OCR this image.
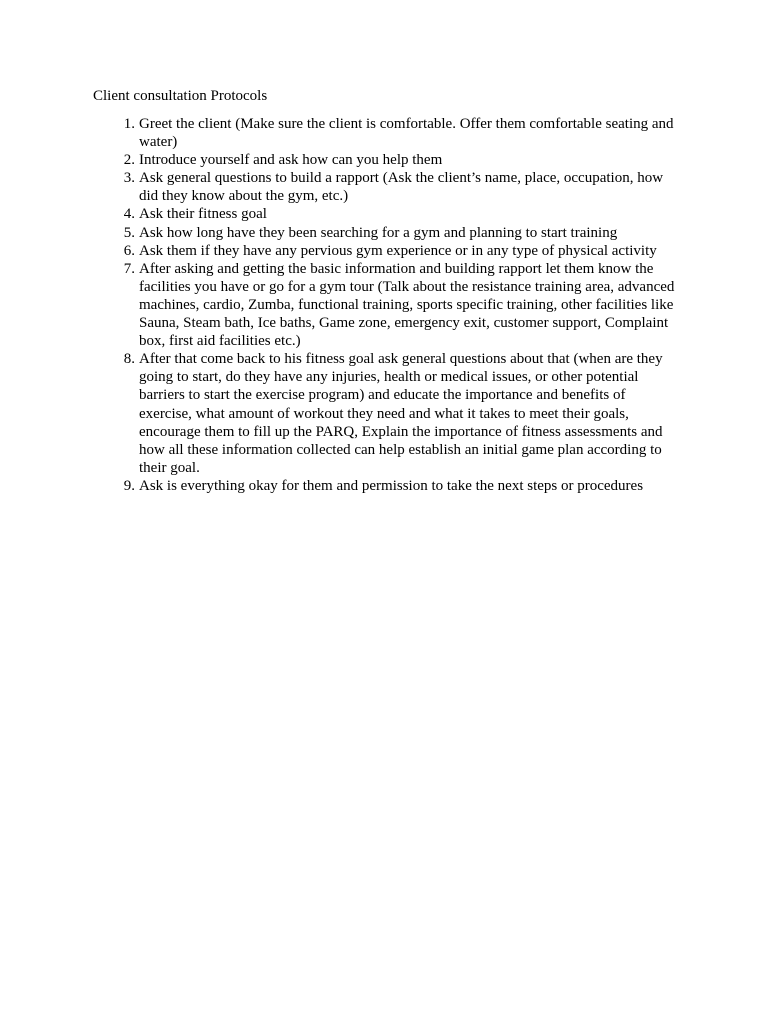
Client consultation Protocols
1. Greet the client (Make sure the client is comfortable. Offer them comfortable seating and water)
2. Introduce yourself and ask how can you help them
3. Ask general questions to build a rapport (Ask the client’s name, place, occupation, how did they know about the gym, etc.)
4. Ask their fitness goal
5. Ask how long have they been searching for a gym and planning to start training
6. Ask them if they have any pervious gym experience or in any type of physical activity
7. After asking and getting the basic information and building rapport let them know the facilities you have or go for a gym tour (Talk about the resistance training area, advanced machines, cardio, Zumba, functional training, sports specific training, other facilities like Sauna, Steam bath, Ice baths, Game zone, emergency exit, customer support, Complaint box, first aid facilities etc.)
8. After that come back to his fitness goal ask general questions about that (when are they going to start, do they have any injuries, health or medical issues, or other potential barriers to start the exercise program) and educate the importance and benefits of exercise, what amount of workout they need and what it takes to meet their goals, encourage them to fill up the PARQ, Explain the importance of fitness assessments and how all these information collected can help establish an initial game plan according to their goal.
9. Ask is everything okay for them and permission to take the next steps or procedures
